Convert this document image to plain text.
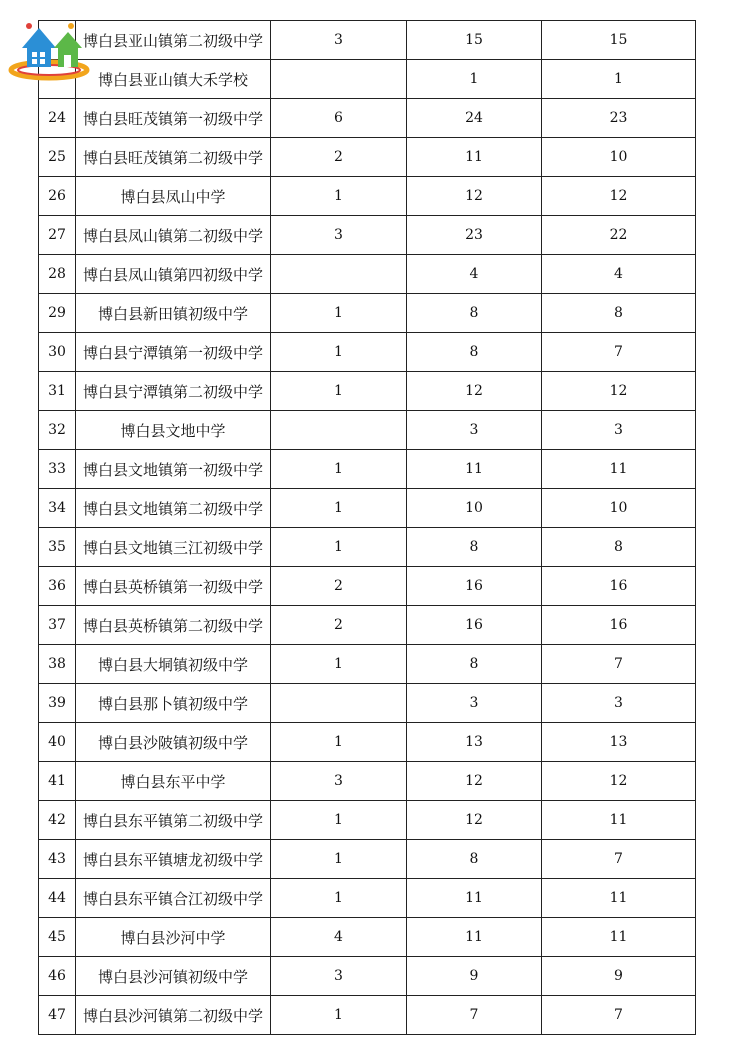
	博白县亚山镇第二初级中学	3	15	15
	博白县亚山镇大禾学校		1	1
24	博白县旺茂镇第一初级中学	6	24	23
25	博白县旺茂镇第二初级中学	2	11	10
26	博白县凤山中学	1	12	12
27	博白县凤山镇第二初级中学	3	23	22
28	博白县凤山镇第四初级中学		4	4
29	博白县新田镇初级中学	1	8	8
30	博白县宁潭镇第一初级中学	1	8	7
31	博白县宁潭镇第二初级中学	1	12	12
32	博白县文地中学		3	3
33	博白县文地镇第一初级中学	1	11	11
34	博白县文地镇第二初级中学	1	10	10
35	博白县文地镇三江初级中学	1	8	8
36	博白县英桥镇第一初级中学	2	16	16
37	博白县英桥镇第二初级中学	2	16	16
38	博白县大垌镇初级中学	1	8	7
39	博白县那卜镇初级中学		3	3
40	博白县沙陂镇初级中学	1	13	13
41	博白县东平中学	3	12	12
42	博白县东平镇第二初级中学	1	12	11
43	博白县东平镇塘龙初级中学	1	8	7
44	博白县东平镇合江初级中学	1	11	11
45	博白县沙河中学	4	11	11
46	博白县沙河镇初级中学	3	9	9
47	博白县沙河镇第二初级中学	1	7	7
